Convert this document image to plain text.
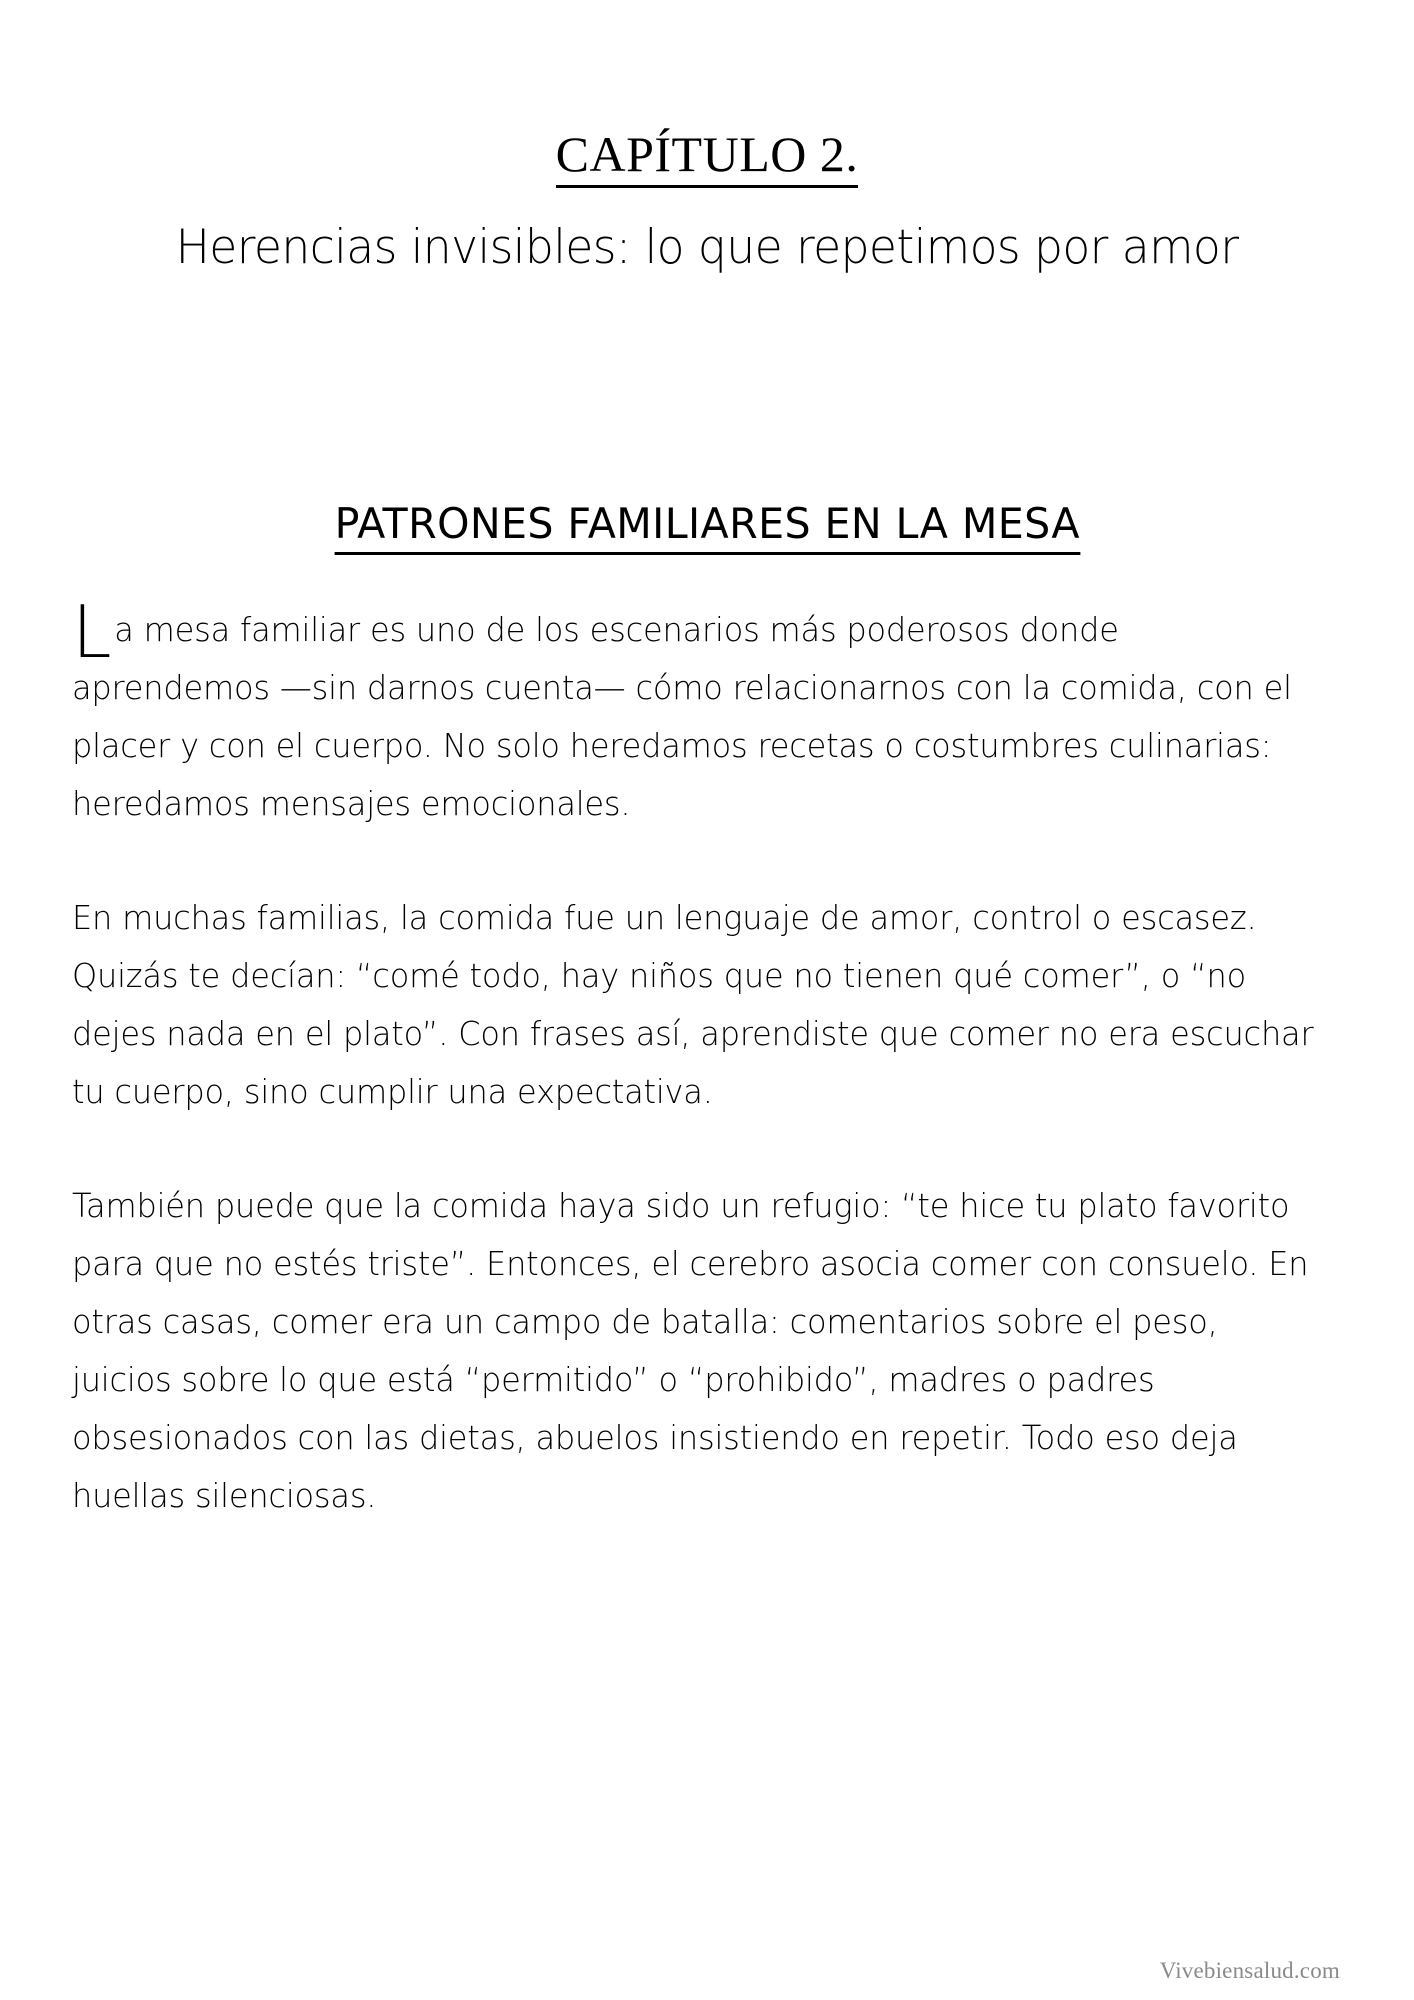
CAPÍTULO 2.
Herencias invisibles: lo que repetimos por amor
PATRONES FAMILIARES EN LA MESA

La mesa familiar es uno de los escenarios más poderosos donde aprendemos —sin darnos cuenta— cómo relacionarnos con la comida, con el placer y con el cuerpo. No solo heredamos recetas o costumbres culinarias: heredamos mensajes emocionales.

En muchas familias, la comida fue un lenguaje de amor, control o escasez. Quizás te decían: “comé todo, hay niños que no tienen qué comer”, o “no dejes nada en el plato”. Con frases así, aprendiste que comer no era escuchar tu cuerpo, sino cumplir una expectativa.

También puede que la comida haya sido un refugio: “te hice tu plato favorito para que no estés triste”. Entonces, el cerebro asocia comer con consuelo. En otras casas, comer era un campo de batalla: comentarios sobre el peso, juicios sobre lo que está “permitido” o “prohibido”, madres o padres obsesionados con las dietas, abuelos insistiendo en repetir. Todo eso deja huellas silenciosas.

Vivebiensalud.com
